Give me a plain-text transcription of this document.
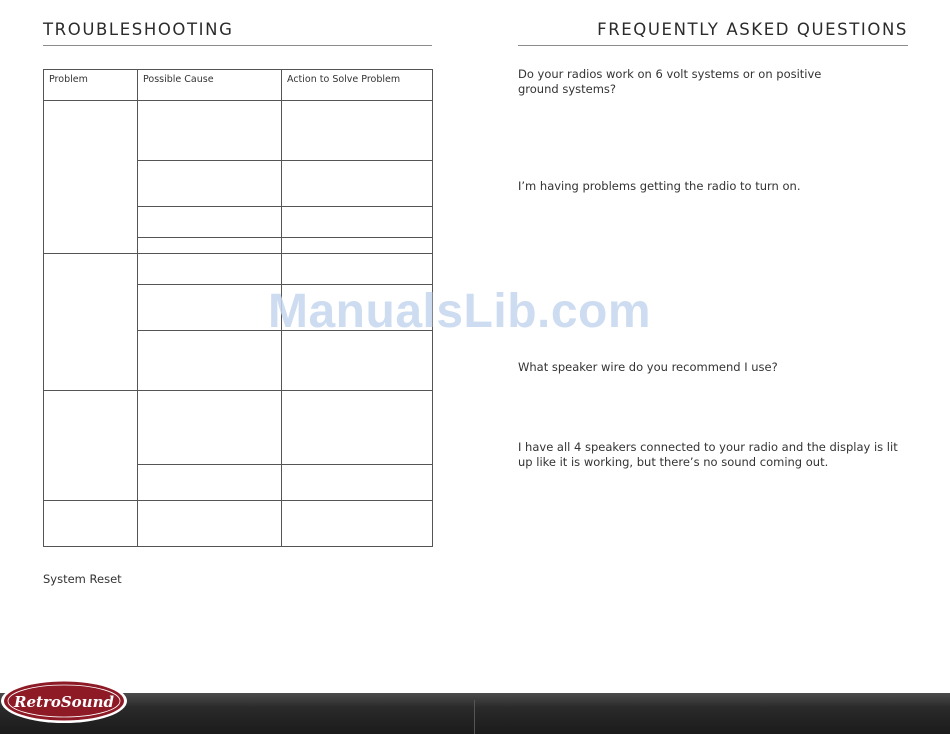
TROUBLESHOOTING
Problem	Possible Cause	Action to Solve Problem

System Reset
FREQUENTLY ASKED QUESTIONS
Do your radios work on 6 volt systems or on positive ground systems?
I’m having problems getting the radio to turn on.
What speaker wire do you recommend I use?
I have all 4 speakers connected to your radio and the display is lit up like it is working, but there’s no sound coming out.
ManualsLib.com
RetroSound
